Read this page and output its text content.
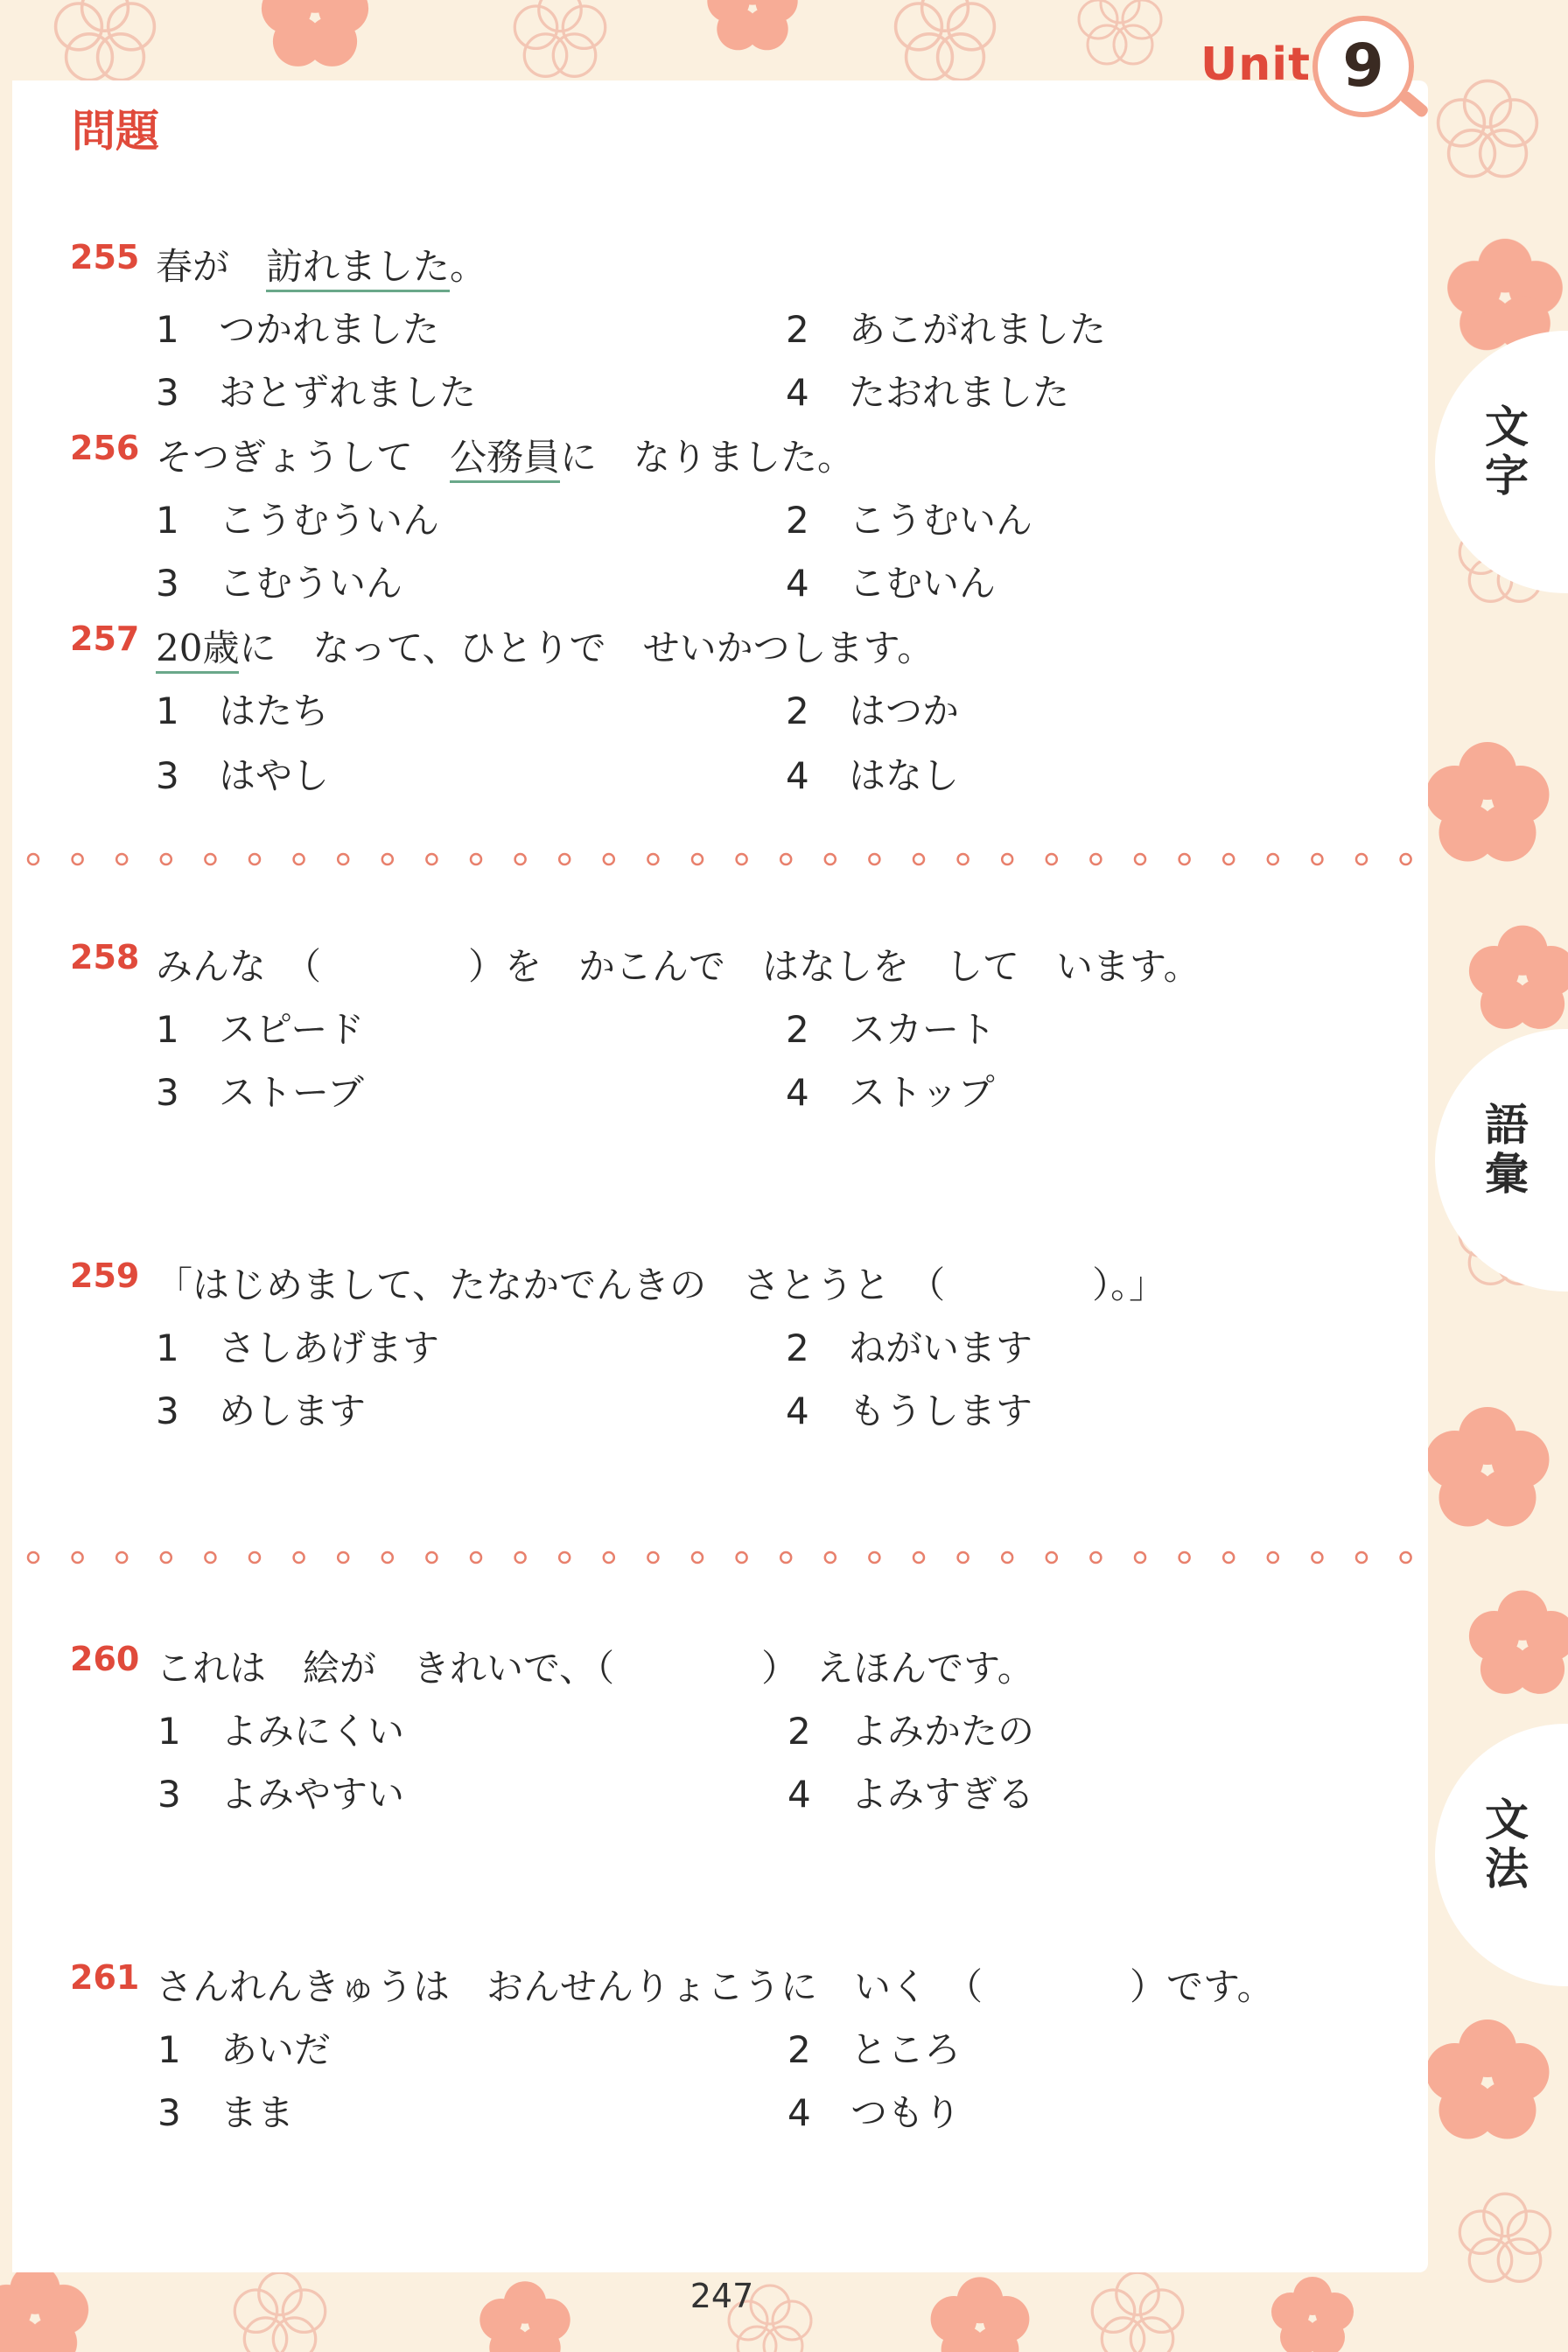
Unit 9
問題
255 春が　訪れました。
1 つかれました	2 あこがれました
3 おとずれました	4 たおれました
256 そつぎょうして　公務員に　なりました。
1 こうむういん	2 こうむいん
3 こむういん	4 こむいん
257 20歳に　なって、ひとりで　せいかつします。
1 はたち	2 はつか
3 はやし	4 はなし
258 みんな　（　　　　）を　かこんで　はなしを　して　います。
1 スピード	2 スカート
3 ストーブ	4 ストップ
259 「はじめまして、たなかでんきの　さとうと　（　　　　）。」
1 さしあげます	2 ねがいます
3 めします	4 もうします
260 これは　絵が　きれいで、（　　　　）　えほんです。
1 よみにくい	2 よみかたの
3 よみやすい	4 よみすぎる
261 さんれんきゅうは　おんせんりょこうに　いく　（　　　　）です。
1 あいだ	2 ところ
3 まま	4 つもり
文字
語彙
文法
247
